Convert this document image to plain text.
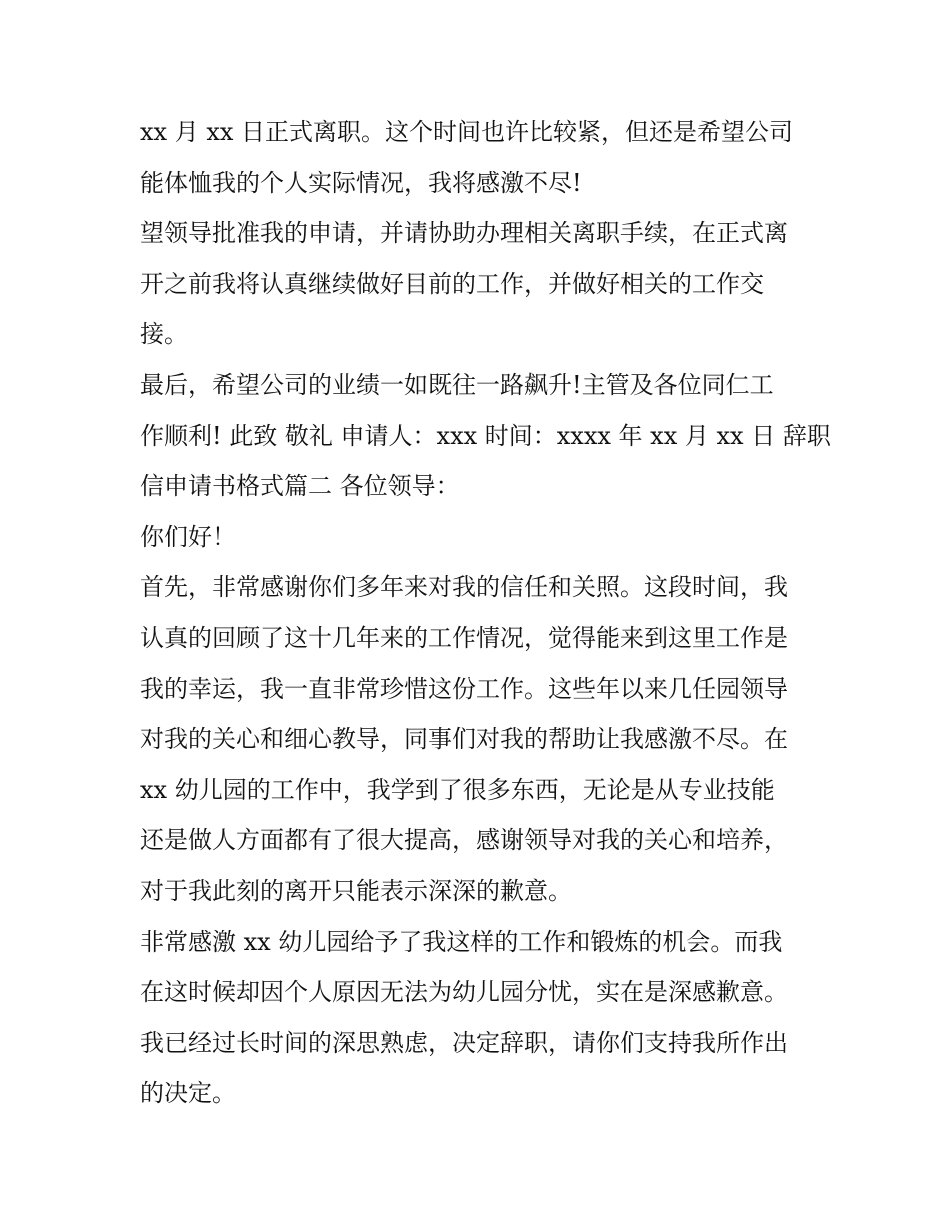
xx 月 xx 日正式离职。这个时间也许比较紧，但还是希望公司
能体恤我的个人实际情况，我将感激不尽!
望领导批准我的申请，并请协助办理相关离职手续，在正式离
开之前我将认真继续做好目前的工作，并做好相关的工作交
接。
最后，希望公司的业绩一如既往一路飙升!主管及各位同仁工
作顺利! 此致 敬礼 申请人：xxx 时间：xxxx 年 xx 月 xx 日 辞职
信申请书格式篇二 各位领导：
你们好！
首先，非常感谢你们多年来对我的信任和关照。这段时间，我
认真的回顾了这十几年来的工作情况，觉得能来到这里工作是
我的幸运，我一直非常珍惜这份工作。这些年以来几任园领导
对我的关心和细心教导，同事们对我的帮助让我感激不尽。在
xx 幼儿园的工作中，我学到了很多东西，无论是从专业技能
还是做人方面都有了很大提高，感谢领导对我的关心和培养，
对于我此刻的离开只能表示深深的歉意。
非常感激 xx 幼儿园给予了我这样的工作和锻炼的机会。而我
在这时候却因个人原因无法为幼儿园分忧，实在是深感歉意。
我已经过长时间的深思熟虑，决定辞职，请你们支持我所作出
的决定。
